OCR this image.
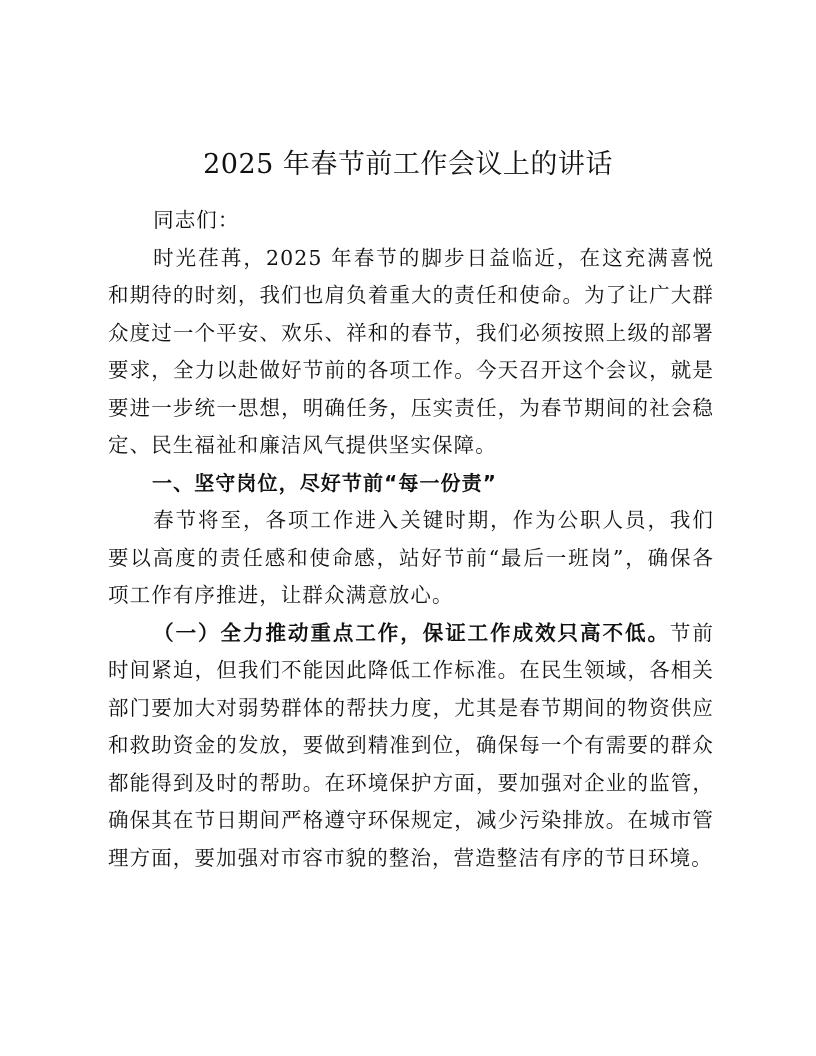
2025 年春节前工作会议上的讲话

同志们：

时光荏苒，2025 年春节的脚步日益临近，在这充满喜悦和期待的时刻，我们也肩负着重大的责任和使命。为了让广大群众度过一个平安、欢乐、祥和的春节，我们必须按照上级的部署要求，全力以赴做好节前的各项工作。今天召开这个会议，就是要进一步统一思想，明确任务，压实责任，为春节期间的社会稳定、民生福祉和廉洁风气提供坚实保障。

一、坚守岗位，尽好节前“每一份责”

春节将至，各项工作进入关键时期，作为公职人员，我们要以高度的责任感和使命感，站好节前“最后一班岗”，确保各项工作有序推进，让群众满意放心。

（一）全力推动重点工作，保证工作成效只高不低。节前时间紧迫，但我们不能因此降低工作标准。在民生领域，各相关部门要加大对弱势群体的帮扶力度，尤其是春节期间的物资供应和救助资金的发放，要做到精准到位，确保每一个有需要的群众都能得到及时的帮助。在环境保护方面，要加强对企业的监管，确保其在节日期间严格遵守环保规定，减少污染排放。在城市管理方面，要加强对市容市貌的整治，营造整洁有序的节日环境。
